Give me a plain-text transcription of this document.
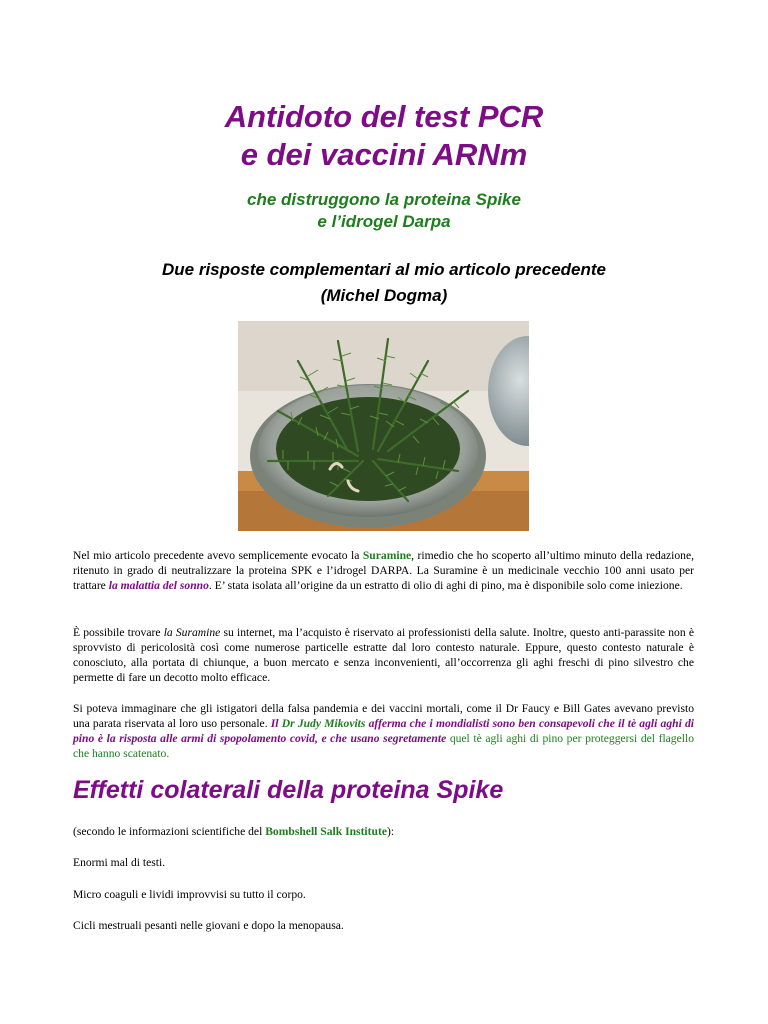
Antidoto del test PCR
e dei vaccini ARNm
che distruggono la proteina Spike
e l’idrogel Darpa
Due risposte complementari al mio articolo precedente
(Michel Dogma)

Nel mio articolo precedente avevo semplicemente evocato la Suramine, rimedio che ho scoperto all’ultimo minuto della redazione, ritenuto in grado di neutralizzare la proteina SPK e l’idrogel DARPA. La Suramine è un medicinale vecchio 100 anni usato per trattare la malattia del sonno. E’ stata isolata all’origine da un estratto di olio di aghi di pino, ma è disponibile solo come iniezione.

È possibile trovare la Suramine su internet, ma l’acquisto è riservato ai professionisti della salute. Inoltre, questo anti-parassite non è sprovvisto di pericolosità così come numerose particelle estratte dal loro contesto naturale. Eppure, questo contesto naturale è conosciuto, alla portata di chiunque, a buon mercato e senza inconvenienti, all’occorrenza gli aghi freschi di pino silvestro che permette di fare un decotto molto efficace.

Si poteva immaginare che gli istigatori della falsa pandemia e dei vaccini mortali, come il Dr Faucy e Bill Gates avevano previsto una parata riservata al loro uso personale. Il Dr Judy Mikovits afferma che i mondialisti sono ben consapevoli che il tè agli aghi di pino è la risposta alle armi di spopolamento covid, e che usano segretamente quel tè agli aghi di pino per proteggersi del flagello che hanno scatenato.

Effetti colaterali della proteina Spike

(secondo le informazioni scientifiche del Bombshell Salk Institute):

Enormi mal di testi.

Micro coaguli e lividi improvvisi su tutto il corpo.

Cicli mestruali pesanti nelle giovani e dopo la menopausa.
